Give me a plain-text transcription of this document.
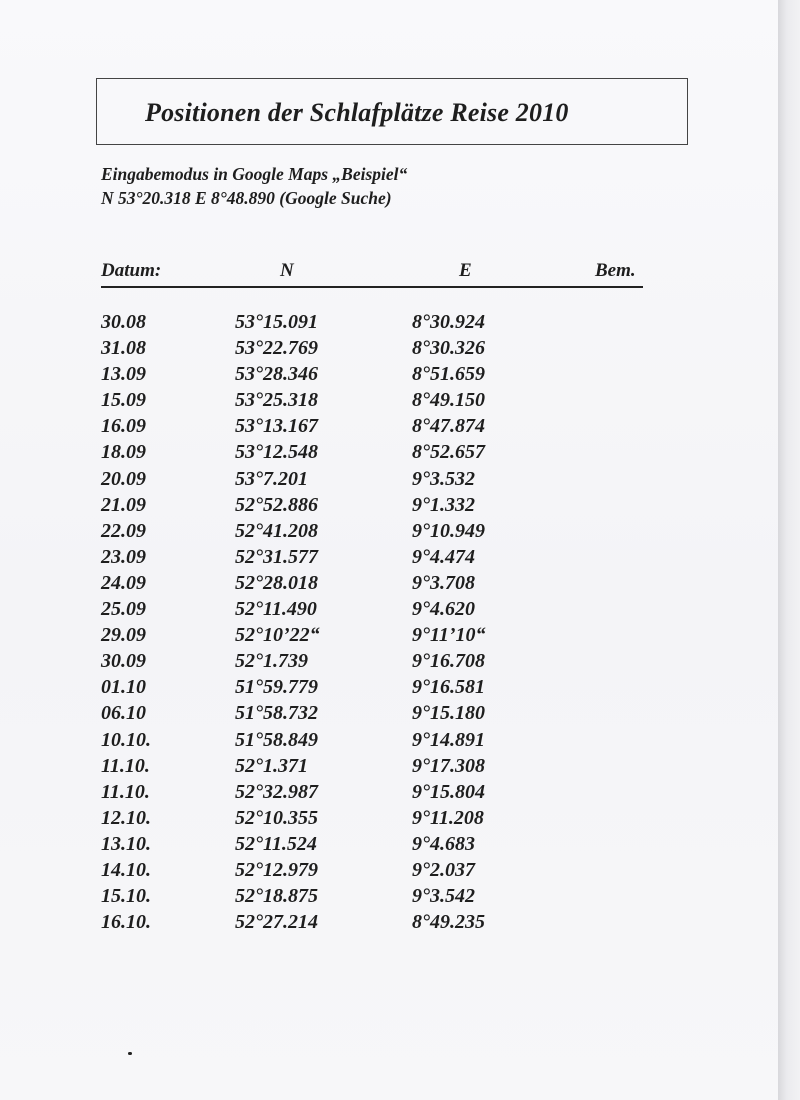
Positionen der Schlafplätze Reise 2010
Eingabemodus in Google Maps „Beispiel“
N 53°20.318 E 8°48.890 (Google Suche)
Datum:	N	E	Bem.
30.08	53°15.091	8°30.924
31.08	53°22.769	8°30.326
13.09	53°28.346	8°51.659
15.09	53°25.318	8°49.150
16.09	53°13.167	8°47.874
18.09	53°12.548	8°52.657
20.09	53°7.201	9°3.532
21.09	52°52.886	9°1.332
22.09	52°41.208	9°10.949
23.09	52°31.577	9°4.474
24.09	52°28.018	9°3.708
25.09	52°11.490	9°4.620
29.09	52°10’22“	9°11’10“
30.09	52°1.739	9°16.708
01.10	51°59.779	9°16.581
06.10	51°58.732	9°15.180
10.10.	51°58.849	9°14.891
11.10.	52°1.371	9°17.308
11.10.	52°32.987	9°15.804
12.10.	52°10.355	9°11.208
13.10.	52°11.524	9°4.683
14.10.	52°12.979	9°2.037
15.10.	52°18.875	9°3.542
16.10.	52°27.214	8°49.235
